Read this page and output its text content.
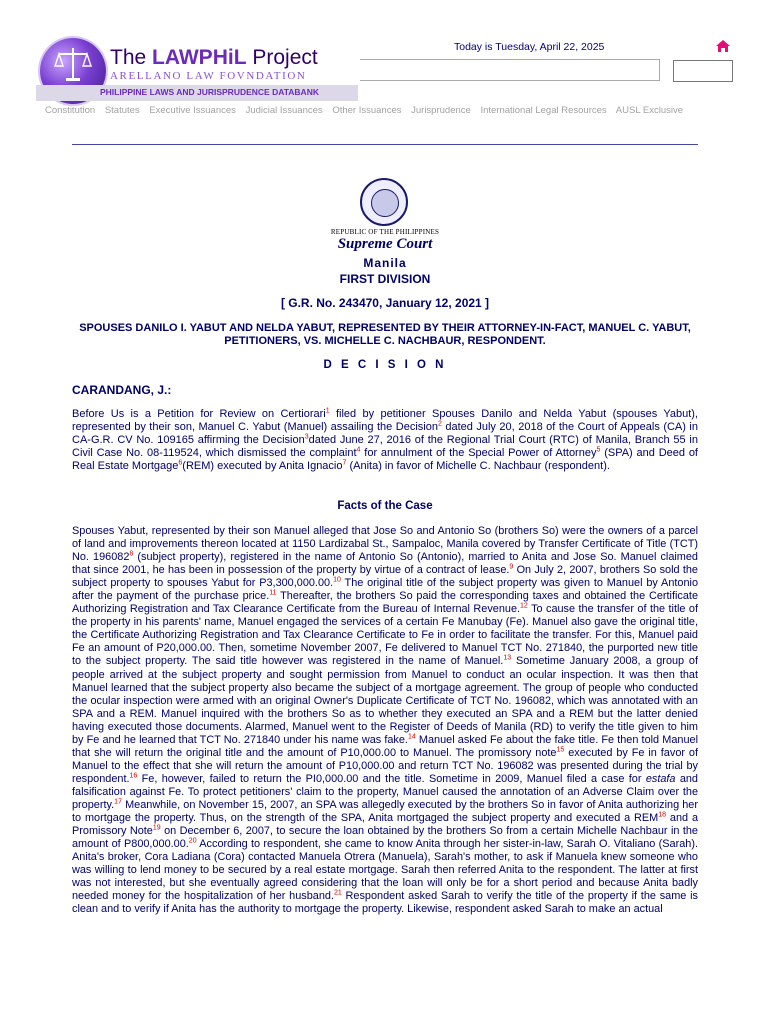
The LAWPHiL Project
ARELLANO LAW FOVNDATION
PHILIPPINE LAWS AND JURISPRUDENCE DATABANK
Today is Tuesday, April 22, 2025
Constitution Statutes Executive Issuances Judicial Issuances Other Issuances Jurisprudence International Legal Resources AUSL Exclusive
REPUBLIC OF THE PHILIPPINES
Supreme Court
Manila
FIRST DIVISION
[ G.R. No. 243470, January 12, 2021 ]
SPOUSES DANILO I. YABUT AND NELDA YABUT, REPRESENTED BY THEIR ATTORNEY-IN-FACT, MANUEL C. YABUT, PETITIONERS, VS. MICHELLE C. NACHBAUR, RESPONDENT.
D E C I S I O N
CARANDANG, J.:
Before Us is a Petition for Review on Certiorari$^1$ filed by petitioner Spouses Danilo and Nelda Yabut (spouses Yabut), represented by their son, Manuel C. Yabut (Manuel) assailing the Decision$^2$ dated July 20, 2018 of the Court of Appeals (CA) in CA-G.R. CV No. 109165 affirming the Decision$^3$dated June 27, 2016 of the Regional Trial Court (RTC) of Manila, Branch 55 in Civil Case No. 08-119524, which dismissed the complaint$^4$ for annulment of the Special Power of Attorney$^5$ (SPA) and Deed of Real Estate Mortgage$^6$(REM) executed by Anita Ignacio$^7$ (Anita) in favor of Michelle C. Nachbaur (respondent).
Facts of the Case
Spouses Yabut, represented by their son Manuel alleged that Jose So and Antonio So (brothers So) were the owners of a parcel of land and improvements thereon located at 1150 Lardizabal St., Sampaloc, Manila covered by Transfer Certificate of Title (TCT) No. 196082$^8$ (subject property), registered in the name of Antonio So (Antonio), married to Anita and Jose So. Manuel claimed that since 2001, he has been in possession of the property by virtue of a contract of lease.$^9$ On July 2, 2007, brothers So sold the subject property to spouses Yabut for P3,300,000.00.10 The original title of the subject property was given to Manuel by Antonio after the payment of the purchase price.$^{11}$ Thereafter, the brothers So paid the corresponding taxes and obtained the Certificate Authorizing Registration and Tax Clearance Certificate from the Bureau of Internal Revenue.$^{12}$ To cause the transfer of the title of the property in his parents' name, Manuel engaged the services of a certain Fe Manubay (Fe). Manuel also gave the original title, the Certificate Authorizing Registration and Tax Clearance Certificate to Fe in order to facilitate the transfer. For this, Manuel paid Fe an amount of P20,000.00. Then, sometime November 2007, Fe delivered to Manuel TCT No. 271840, the purported new title to the subject property. The said title however was registered in the name of Manuel.$^{13}$ Sometime January 2008, a group of people arrived at the subject property and sought permission from Manuel to conduct an ocular inspection. It was then that Manuel learned that the subject property also became the subject of a mortgage agreement. The group of people who conducted the ocular inspection were armed with an original Owner's Duplicate Certificate of TCT No. 196082, which was annotated with an SPA and a REM. Manuel inquired with the brothers So as to whether they executed an SPA and a REM but the latter denied having executed those documents. Alarmed, Manuel went to the Register of Deeds of Manila (RD) to verify the title given to him by Fe and he learned that TCT No. 271840 under his name was fake.$^{14}$ Manuel asked Fe about the fake title. Fe then told Manuel that she will return the original title and the amount of P10,000.00 to Manuel. The promissory note$^{15}$ executed by Fe in favor of Manuel to the effect that she will return the amount of P10,000.00 and return TCT No. 196082 was presented during the trial by respondent.$^{16}$ Fe, however, failed to return the PI0,000.00 and the title. Sometime in 2009, Manuel filed a case for estafa and falsification against Fe. To protect petitioners' claim to the property, Manuel caused the annotation of an Adverse Claim over the property.$^{17}$ Meanwhile, on November 15, 2007, an SPA was allegedly executed by the brothers So in favor of Anita authorizing her to mortgage the property. Thus, on the strength of the SPA, Anita mortgaged the subject property and executed a REM$^{18}$ and a Promissory Note$^{19}$ on December 6, 2007, to secure the loan obtained by the brothers So from a certain Michelle Nachbaur in the amount of P800,000.00.20 According to respondent, she came to know Anita through her sister-in-law, Sarah O. Vitaliano (Sarah). Anita's broker, Cora Ladiana (Cora) contacted Manuela Otrera (Manuela), Sarah's mother, to ask if Manuela knew someone who was willing to lend money to be secured by a real estate mortgage. Sarah then referred Anita to the respondent. The latter at first was not interested, but she eventually agreed considering that the loan will only be for a short period and because Anita badly needed money for the hospitalization of her husband.$^{21}$ Respondent asked Sarah to verify the title of the property if the same is clean and to verify if Anita has the authority to mortgage the property. Likewise, respondent asked Sarah to make an actual
